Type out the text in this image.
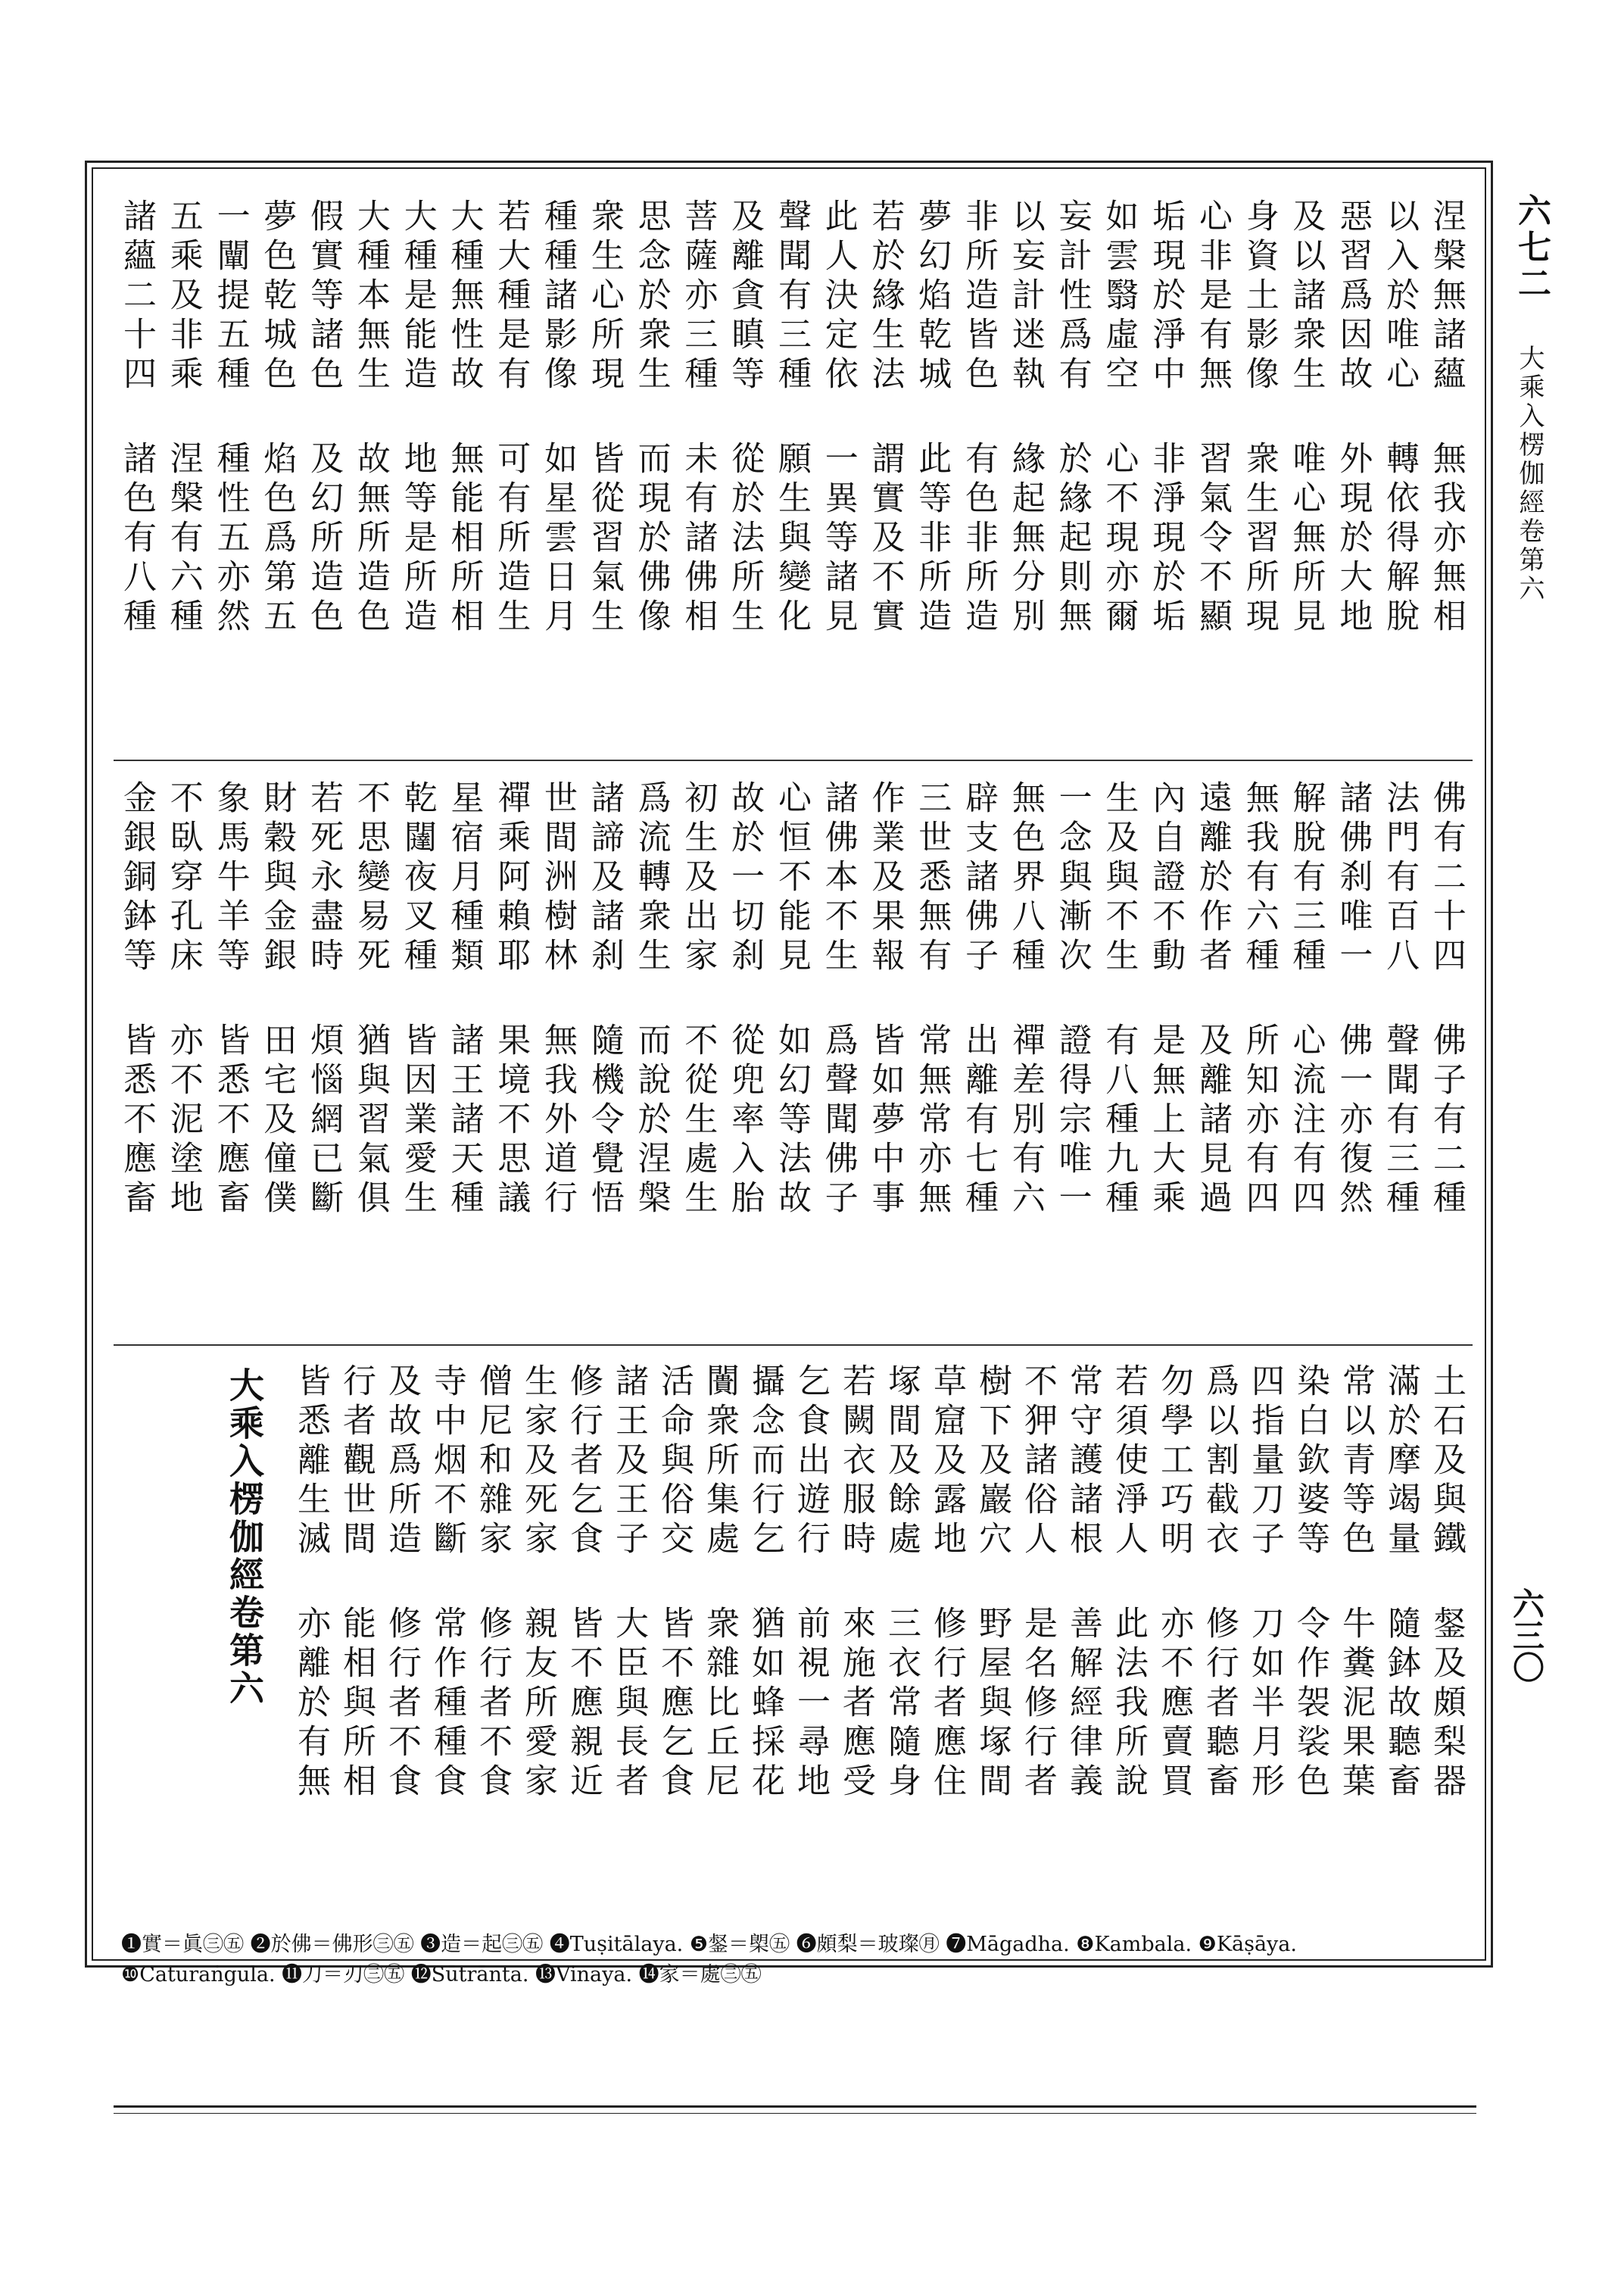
六七二
大乘入楞伽經卷第六
六三〇
涅槃無諸蘊無我亦無相
以入於唯心轉依得解脫
惡習爲因故外現於大地
及以諸衆生唯心無所見
身資土影像衆生習所現
心非是有無習氣令不顯
垢現於淨中非淨現於垢
如雲翳虛空心不現亦爾
妄計性爲有於緣起則無
以妄計迷執緣起無分別
非所造皆色有色非所造
夢幻焰乾城此等非所造
若於緣生法謂實及不實
此人決定依一異等諸見
聲聞有三種願生與變化
及離貪瞋等從於法所生
菩薩亦三種未有諸佛相
思念於衆生而現於佛像
衆生心所現皆從習氣生
種種諸影像如星雲日月
若大種是有可有所造生
大種無性故無能相所相
大種是能造地等是所造
大種本無生故無所造色
假實等諸色及幻所造色
夢色乾城色焰色爲第五
一闡提五種種性五亦然
五乘及非乘涅槃有六種
諸蘊二十四諸色有八種
佛有二十四佛子有二種
法門有百八聲聞有三種
諸佛刹唯一佛一亦復然
解脫有三種心流注有四
無我有六種所知亦有四
遠離於作者及離諸見過
內自證不動是無上大乘
生及與不生有八種九種
一念與漸次證得宗唯一
無色界八種禪差別有六
辟支諸佛子出離有七種
三世悉無有常無常亦無
作業及果報皆如夢中事
諸佛本不生爲聲聞佛子
心恒不能見如幻等法故
故於一切刹從兜率入胎
初生及出家不從生處生
爲流轉衆生而說於涅槃
諸諦及諸刹隨機令覺悟
世間洲樹林無我外道行
禪乘阿賴耶果境不思議
星宿月種類諸王諸天種
乾闥夜叉種皆因業愛生
不思變易死猶與習氣俱
若死永盡時煩惱網已斷
財穀與金銀田宅及僮僕
象馬牛羊等皆悉不應畜
不臥穿孔床亦不泥塗地
金銀銅鉢等皆悉不應畜
土石及與鐵錖及頗梨器
滿於摩竭量隨鉢故聽畜
常以青等色牛糞泥果葉
染白欽婆等令作袈裟色
四指量刀子刀如半月形
爲以割截衣修行者聽畜
勿學工巧明亦不應賣買
若須使淨人此法我所說
常守護諸根善解經律義
不狎諸俗人是名修行者
樹下及巖穴野屋與塚間
草窟及露地修行者應住
塚間及餘處三衣常隨身
若闕衣服時來施者應受
乞食出遊行前視一尋地
攝念而行乞猶如蜂採花
闠衆所集處衆雜比丘尼
活命與俗交皆不應乞食
諸王及王子大臣與長者
修行者乞食皆不應親近
生家及死家親友所愛家
僧尼和雜家修行者不食
寺中烟不斷常作種種食
及故爲所造修行者不食
行者觀世間能相與所相
皆悉離生滅亦離於有無
大乘入楞伽經卷第六
❶實＝眞㊂㊄ ❷於佛＝佛形㊂㊄ ❸造＝起㊂㊄ ❹Tuṣitālaya. ❺錖＝㮾㊄ ❻頗梨＝玻璨㊊ ❼Māgadha. ❽Kambala. ❾Kāṣāya.
❿Caturaṅgula. ⓫刀＝刃㊂㊄ ⓬Sūtrānta. ⓭Vinaya. ⓮家＝處㊂㊄
